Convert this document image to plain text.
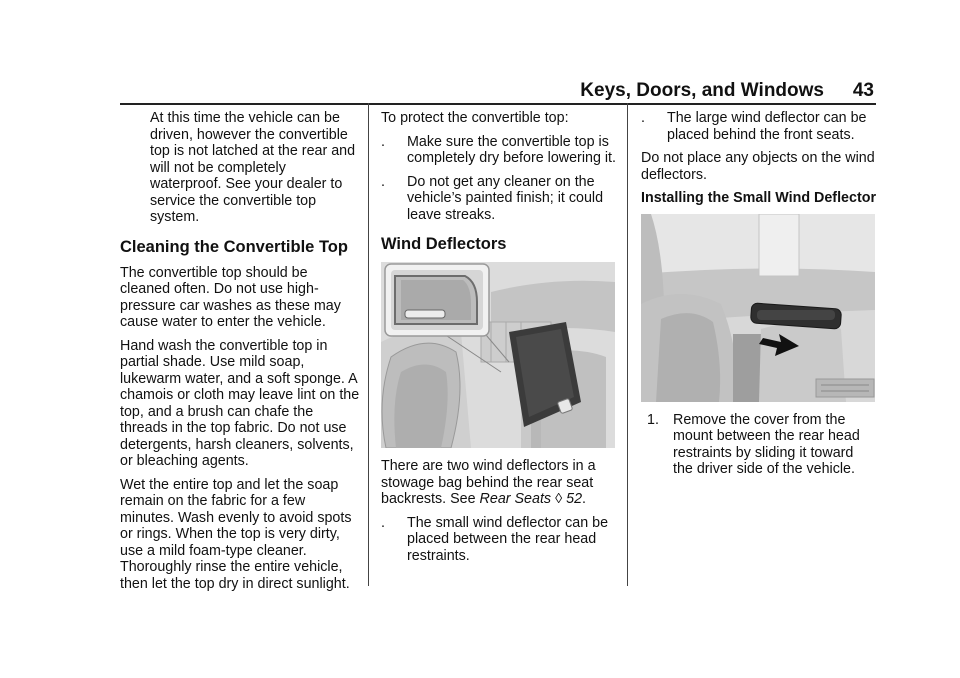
Keys, Doors, and Windows 43

At this time the vehicle can be driven, however the convertible top is not latched at the rear and will not be completely waterproof. See your dealer to service the convertible top system.

Cleaning the Convertible Top

The convertible top should be cleaned often. Do not use high-pressure car washes as these may cause water to enter the vehicle.

Hand wash the convertible top in partial shade. Use mild soap, lukewarm water, and a soft sponge. A chamois or cloth may leave lint on the top, and a brush can chafe the threads in the top fabric. Do not use detergents, harsh cleaners, solvents, or bleaching agents.

Wet the entire top and let the soap remain on the fabric for a few minutes. Wash evenly to avoid spots or rings. When the top is very dirty, use a mild foam-type cleaner. Thoroughly rinse the entire vehicle, then let the top dry in direct sunlight.

To protect the convertible top:

.	Make sure the convertible top is completely dry before lowering it.
.	Do not get any cleaner on the vehicle’s painted finish; it could leave streaks.
Wind Deflectors

There are two wind deflectors in a stowage bag behind the rear seat backrests. See Rear Seats ◊ 52.

.	The small wind deflector can be placed between the rear head restraints.
.	The large wind deflector can be placed behind the front seats.

Do not place any objects on the wind deflectors.

Installing the Small Wind Deflector

1. Remove the cover from the mount between the rear head restraints by sliding it toward the driver side of the vehicle.
